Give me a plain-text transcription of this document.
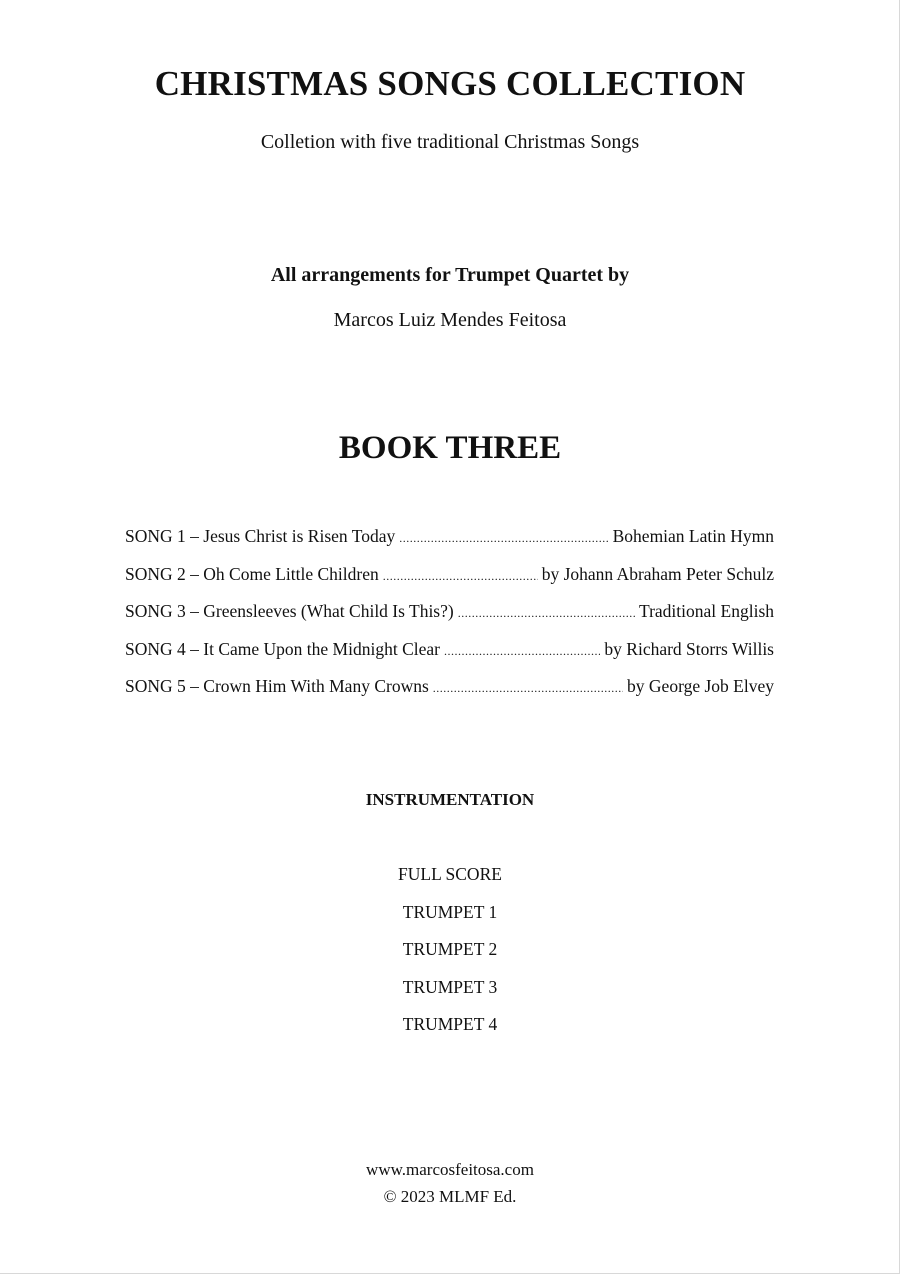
CHRISTMAS SONGS COLLECTION
Colletion with five traditional Christmas Songs
All arrangements for Trumpet Quartet by
Marcos Luiz Mendes Feitosa
BOOK THREE
SONG 1 – Jesus Christ is Risen Today .....	Bohemian Latin Hymn
SONG 2 – Oh Come Little Children .....	by Johann Abraham Peter Schulz
SONG 3 – Greensleeves (What Child Is This?) .....	Traditional English
SONG 4 – It Came Upon the Midnight Clear .....	by Richard Storrs Willis
SONG 5 – Crown Him With Many Crowns .....	by George Job Elvey
INSTRUMENTATION
FULL SCORE
TRUMPET 1
TRUMPET 2
TRUMPET 3
TRUMPET 4
www.marcosfeitosa.com
© 2023 MLMF Ed.
